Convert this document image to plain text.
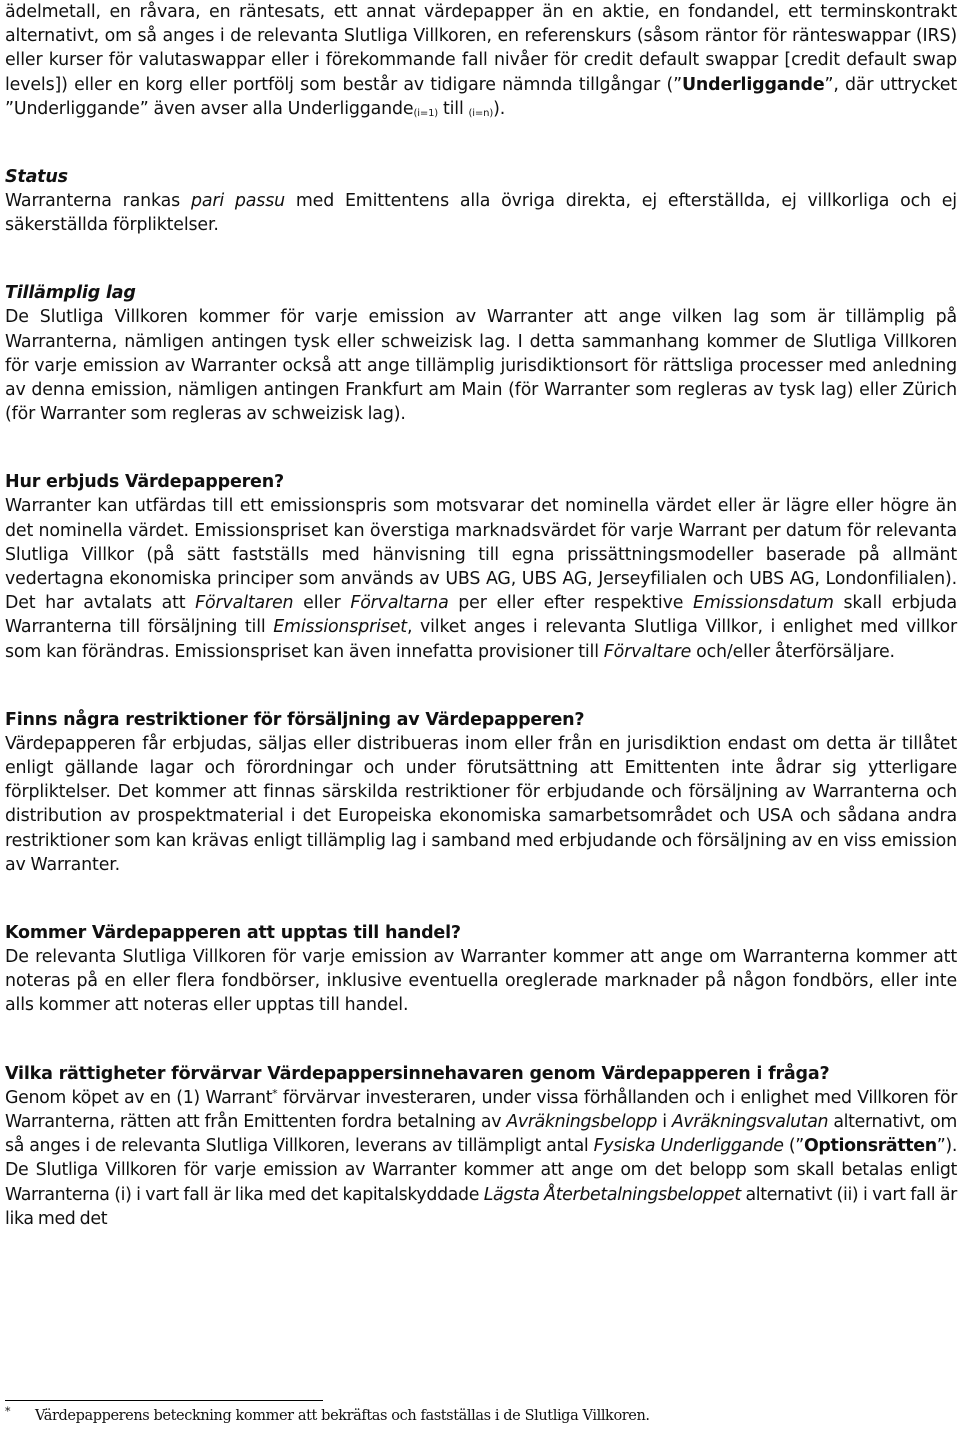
ädelmetall, en råvara, en räntesats, ett annat värdepapper än en aktie, en fondandel, ett terminskontrakt alternativt, om så anges i de relevanta Slutliga Villkoren, en referenskurs (såsom räntor för ränteswappar (IRS) eller kurser för valutaswappar eller i förekommande fall nivåer för credit default swappar [credit default swap levels]) eller en korg eller portfölj som består av tidigare nämnda tillgångar (”Underliggande”, där uttrycket ”Underliggande” även avser alla Underliggande$_{(i=1)}$ till $_{(i=n)}$).

Status

Warranterna rankas pari passu med Emittentens alla övriga direkta, ej efterställda, ej villkorliga och ej säkerställda förpliktelser.

Tillämplig lag

De Slutliga Villkoren kommer för varje emission av Warranter att ange vilken lag som är tillämplig på Warranterna, nämligen antingen tysk eller schweizisk lag. I detta sammanhang kommer de Slutliga Villkoren för varje emission av Warranter också att ange tillämplig jurisdiktionsort för rättsliga processer med anledning av denna emission, nämligen antingen Frankfurt am Main (för Warranter som regleras av tysk lag) eller Zürich (för Warranter som regleras av schweizisk lag).

Hur erbjuds Värdepapperen?

Warranter kan utfärdas till ett emissionspris som motsvarar det nominella värdet eller är lägre eller högre än det nominella värdet. Emissionspriset kan överstiga marknadsvärdet för varje Warrant per datum för relevanta Slutliga Villkor (på sätt fastställs med hänvisning till egna prissättningsmodeller baserade på allmänt vedertagna ekonomiska principer som används av UBS AG, UBS AG, Jerseyfilialen och UBS AG, Londonfilialen). Det har avtalats att Förvaltaren eller Förvaltarna per eller efter respektive Emissionsdatum skall erbjuda Warranterna till försäljning till Emissionspriset, vilket anges i relevanta Slutliga Villkor, i enlighet med villkor som kan förändras. Emissionspriset kan även innefatta provisioner till Förvaltare och/eller återförsäljare.

Finns några restriktioner för försäljning av Värdepapperen?

Värdepapperen får erbjudas, säljas eller distribueras inom eller från en jurisdiktion endast om detta är tillåtet enligt gällande lagar och förordningar och under förutsättning att Emittenten inte ådrar sig ytterligare förpliktelser. Det kommer att finnas särskilda restriktioner för erbjudande och försäljning av Warranterna och distribution av prospektmaterial i det Europeiska ekonomiska samarbetsområdet och USA och sådana andra restriktioner som kan krävas enligt tillämplig lag i samband med erbjudande och försäljning av en viss emission av Warranter.

Kommer Värdepapperen att upptas till handel?

De relevanta Slutliga Villkoren för varje emission av Warranter kommer att ange om Warranterna kommer att noteras på en eller flera fondbörser, inklusive eventuella oreglerade marknader på någon fondbörs, eller inte alls kommer att noteras eller upptas till handel.

Vilka rättigheter förvärvar Värdepappersinnehavaren genom Värdepapperen i fråga?

Genom köpet av en (1) Warrant* förvärvar investeraren, under vissa förhållanden och i enlighet med Villkoren för Warranterna, rätten att från Emittenten fordra betalning av Avräkningsbelopp i Avräkningsvalutan alternativt, om så anges i de relevanta Slutliga Villkoren, leverans av tillämpligt antal Fysiska Underliggande (”Optionsrätten”). De Slutliga Villkoren för varje emission av Warranter kommer att ange om det belopp som skall betalas enligt Warranterna (i) i vart fall är lika med det kapitalskyddade Lägsta Återbetalningsbeloppet alternativt (ii) i vart fall är lika med det

* Värdepapperens beteckning kommer att bekräftas och fastställas i de Slutliga Villkoren.
